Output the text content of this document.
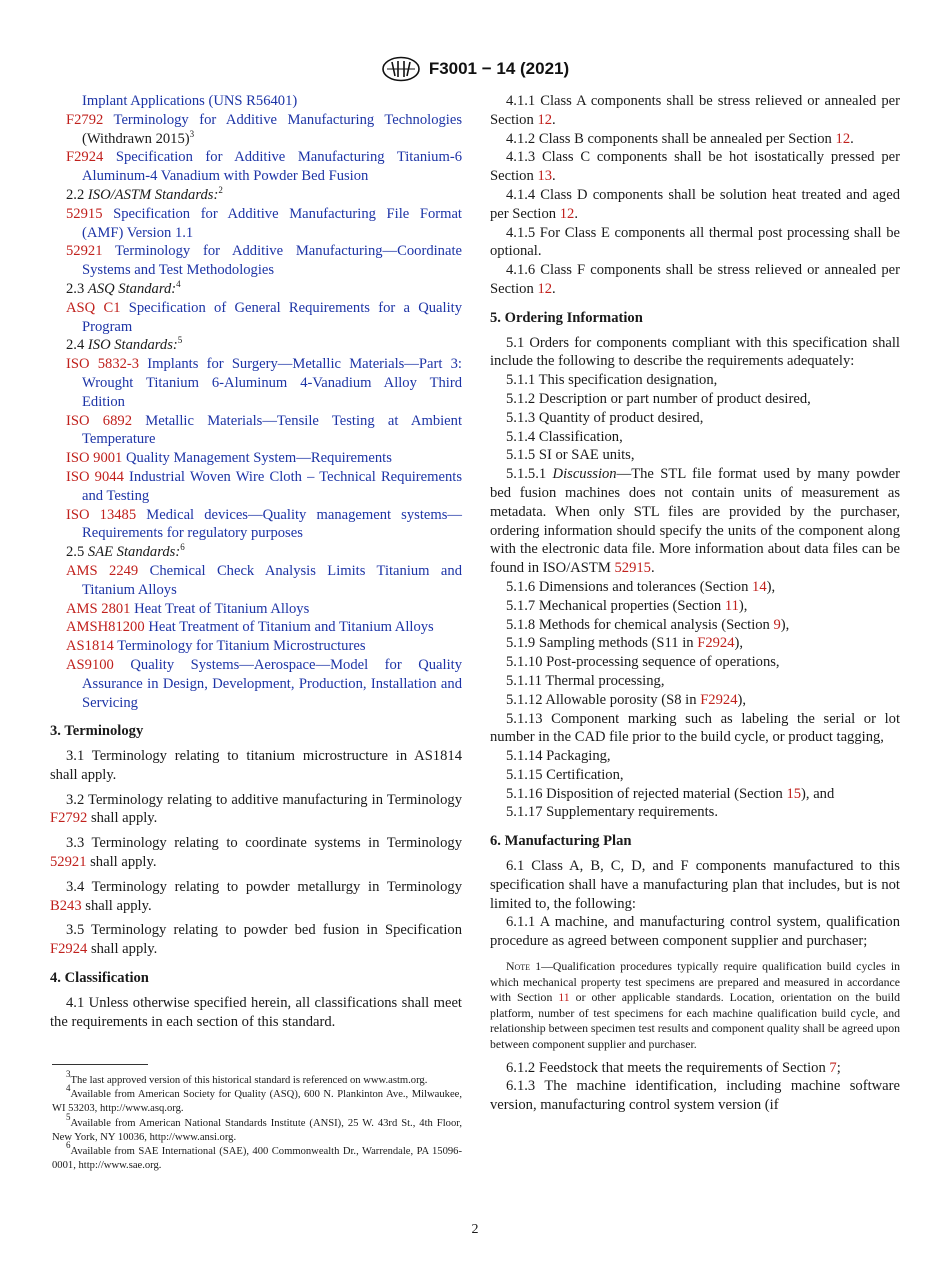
F3001 − 14 (2021)
Implant Applications (UNS R56401)
F2792 Terminology for Additive Manufacturing Technologies (Withdrawn 2015)$^3$
F2924 Specification for Additive Manufacturing Titanium-6 Aluminum-4 Vanadium with Powder Bed Fusion
2.2 ISO/ASTM Standards:$^2$
52915 Specification for Additive Manufacturing File Format (AMF) Version 1.1
52921 Terminology for Additive Manufacturing—Coordinate Systems and Test Methodologies
2.3 ASQ Standard:$^4$
ASQ C1 Specification of General Requirements for a Quality Program
2.4 ISO Standards:$^5$
ISO 5832-3 Implants for Surgery—Metallic Materials—Part 3: Wrought Titanium 6-Aluminum 4-Vanadium Alloy Third Edition
ISO 6892 Metallic Materials—Tensile Testing at Ambient Temperature
ISO 9001 Quality Management System—Requirements
ISO 9044 Industrial Woven Wire Cloth – Technical Requirements and Testing
ISO 13485 Medical devices—Quality management systems—Requirements for regulatory purposes
2.5 SAE Standards:$^6$
AMS 2249 Chemical Check Analysis Limits Titanium and Titanium Alloys
AMS 2801 Heat Treat of Titanium Alloys
AMSH81200 Heat Treatment of Titanium and Titanium Alloys
AS1814 Terminology for Titanium Microstructures
AS9100 Quality Systems—Aerospace—Model for Quality Assurance in Design, Development, Production, Installation and Servicing
3. Terminology
3.1 Terminology relating to titanium microstructure in AS1814 shall apply.
3.2 Terminology relating to additive manufacturing in Terminology F2792 shall apply.
3.3 Terminology relating to coordinate systems in Terminology 52921 shall apply.
3.4 Terminology relating to powder metallurgy in Terminology B243 shall apply.
3.5 Terminology relating to powder bed fusion in Specification F2924 shall apply.
4. Classification
4.1 Unless otherwise specified herein, all classifications shall meet the requirements in each section of this standard.
$^3$The last approved version of this historical standard is referenced on www.astm.org.
$^4$Available from American Society for Quality (ASQ), 600 N. Plankinton Ave., Milwaukee, WI 53203, http://www.asq.org.
$^5$Available from American National Standards Institute (ANSI), 25 W. 43rd St., 4th Floor, New York, NY 10036, http://www.ansi.org.
$^6$Available from SAE International (SAE), 400 Commonwealth Dr., Warrendale, PA 15096-0001, http://www.sae.org.
4.1.1 Class A components shall be stress relieved or annealed per Section 12.
4.1.2 Class B components shall be annealed per Section 12.
4.1.3 Class C components shall be hot isostatically pressed per Section 13.
4.1.4 Class D components shall be solution heat treated and aged per Section 12.
4.1.5 For Class E components all thermal post processing shall be optional.
4.1.6 Class F components shall be stress relieved or annealed per Section 12.
5. Ordering Information
5.1 Orders for components compliant with this specification shall include the following to describe the requirements adequately:
5.1.1 This specification designation,
5.1.2 Description or part number of product desired,
5.1.3 Quantity of product desired,
5.1.4 Classification,
5.1.5 SI or SAE units,
5.1.5.1 Discussion—The STL file format used by many powder bed fusion machines does not contain units of measurement as metadata. When only STL files are provided by the purchaser, ordering information should specify the units of the component along with the electronic data file. More information about data files can be found in ISO/ASTM 52915.
5.1.6 Dimensions and tolerances (Section 14),
5.1.7 Mechanical properties (Section 11),
5.1.8 Methods for chemical analysis (Section 9),
5.1.9 Sampling methods (S11 in F2924),
5.1.10 Post-processing sequence of operations,
5.1.11 Thermal processing,
5.1.12 Allowable porosity (S8 in F2924),
5.1.13 Component marking such as labeling the serial or lot number in the CAD file prior to the build cycle, or product tagging,
5.1.14 Packaging,
5.1.15 Certification,
5.1.16 Disposition of rejected material (Section 15), and
5.1.17 Supplementary requirements.
6. Manufacturing Plan
6.1 Class A, B, C, D, and F components manufactured to this specification shall have a manufacturing plan that includes, but is not limited to, the following:
6.1.1 A machine, and manufacturing control system, qualification procedure as agreed between component supplier and purchaser;
Note 1—Qualification procedures typically require qualification build cycles in which mechanical property test specimens are prepared and measured in accordance with Section 11 or other applicable standards. Location, orientation on the build platform, number of test specimens for each machine qualification build cycle, and relationship between specimen test results and component quality shall be agreed upon between component supplier and purchaser.
6.1.2 Feedstock that meets the requirements of Section 7;
6.1.3 The machine identification, including machine software version, manufacturing control system version (if
2
